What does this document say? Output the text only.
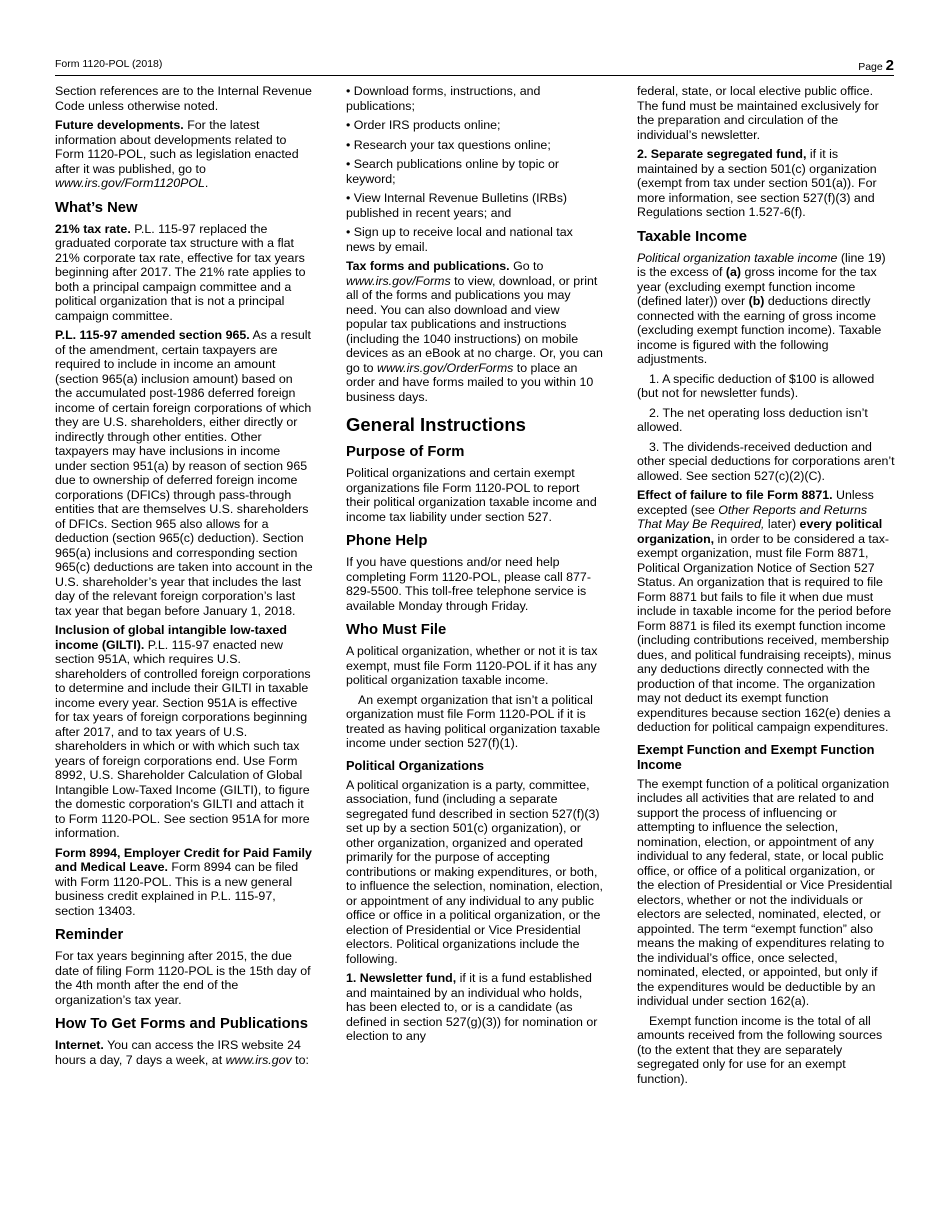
Form 1120-POL (2018)	Page 2

Section references are to the Internal Revenue Code unless otherwise noted.

Future developments. For the latest information about developments related to Form 1120-POL, such as legislation enacted after it was published, go to www.irs.gov/Form1120POL.

What’s New

21% tax rate. P.L. 115-97 replaced the graduated corporate tax structure with a flat 21% corporate tax rate, effective for tax years beginning after 2017. The 21% rate applies to both a principal campaign committee and a political organization that is not a principal campaign committee.

P.L. 115-97 amended section 965. As a result of the amendment, certain taxpayers are required to include in income an amount (section 965(a) inclusion amount) based on the accumulated post-1986 deferred foreign income of certain foreign corporations of which they are U.S. shareholders, either directly or indirectly through other entities. Other taxpayers may have inclusions in income under section 951(a) by reason of section 965 due to ownership of deferred foreign income corporations (DFICs) through pass-through entities that are themselves U.S. shareholders of DFICs. Section 965 also allows for a deduction (section 965(c) deduction). Section 965(a) inclusions and corresponding section 965(c) deductions are taken into account in the U.S. shareholder’s year that includes the last day of the relevant foreign corporation’s last tax year that began before January 1, 2018.

Inclusion of global intangible low-taxed income (GILTI). P.L. 115-97 enacted new section 951A, which requires U.S. shareholders of controlled foreign corporations to determine and include their GILTI in taxable income every year. Section 951A is effective for tax years of foreign corporations beginning after 2017, and to tax years of U.S. shareholders in which or with which such tax years of foreign corporations end. Use Form 8992, U.S. Shareholder Calculation of Global Intangible Low-Taxed Income (GILTI), to figure the domestic corporation's GILTI and attach it to Form 1120-POL. See section 951A for more information.

Form 8994, Employer Credit for Paid Family and Medical Leave. Form 8994 can be filed with Form 1120-POL. This is a new general business credit explained in P.L. 115-97, section 13403.

Reminder

For tax years beginning after 2015, the due date of filing Form 1120-POL is the 15th day of the 4th month after the end of the organization’s tax year.

How To Get Forms and Publications

Internet. You can access the IRS website 24 hours a day, 7 days a week, at www.irs.gov to:

• Download forms, instructions, and publications;

• Order IRS products online;

• Research your tax questions online;

• Search publications online by topic or keyword;

• View Internal Revenue Bulletins (IRBs) published in recent years; and

• Sign up to receive local and national tax news by email.

Tax forms and publications. Go to www.irs.gov/Forms to view, download, or print all of the forms and publications you may need. You can also download and view popular tax publications and instructions (including the 1040 instructions) on mobile devices as an eBook at no charge. Or, you can go to www.irs.gov/OrderForms to place an order and have forms mailed to you within 10 business days.

General Instructions
Purpose of Form

Political organizations and certain exempt organizations file Form 1120-POL to report their political organization taxable income and income tax liability under section 527.

Phone Help

If you have questions and/or need help completing Form 1120-POL, please call 877-829-5500. This toll-free telephone service is available Monday through Friday.

Who Must File

A political organization, whether or not it is tax exempt, must file Form 1120-POL if it has any political organization taxable income.

An exempt organization that isn’t a political organization must file Form 1120-POL if it is treated as having political organization taxable income under section 527(f)(1).

Political Organizations

A political organization is a party, committee, association, fund (including a separate segregated fund described in section 527(f)(3) set up by a section 501(c) organization), or other organization, organized and operated primarily for the purpose of accepting contributions or making expenditures, or both, to influence the selection, nomination, election, or appointment of any individual to any public office or office in a political organization, or the election of Presidential or Vice Presidential electors. Political organizations include the following.

1. Newsletter fund, if it is a fund established and maintained by an individual who holds, has been elected to, or is a candidate (as defined in section 527(g)(3)) for nomination or election to any

federal, state, or local elective public office. The fund must be maintained exclusively for the preparation and circulation of the individual’s newsletter.

2. Separate segregated fund, if it is maintained by a section 501(c) organization (exempt from tax under section 501(a)). For more information, see section 527(f)(3) and Regulations section 1.527-6(f).

Taxable Income

Political organization taxable income (line 19) is the excess of (a) gross income for the tax year (excluding exempt function income (defined later)) over (b) deductions directly connected with the earning of gross income (excluding exempt function income). Taxable income is figured with the following adjustments.

1. A specific deduction of $100 is allowed (but not for newsletter funds).

2. The net operating loss deduction isn’t allowed.

3. The dividends-received deduction and other special deductions for corporations aren’t allowed. See section 527(c)(2)(C).

Effect of failure to file Form 8871. Unless excepted (see Other Reports and Returns That May Be Required, later) every political organization, in order to be considered a tax-exempt organization, must file Form 8871, Political Organization Notice of Section 527 Status. An organization that is required to file Form 8871 but fails to file it when due must include in taxable income for the period before Form 8871 is filed its exempt function income (including contributions received, membership dues, and political fundraising receipts), minus any deductions directly connected with the production of that income. The organization may not deduct its exempt function expenditures because section 162(e) denies a deduction for political campaign expenditures.

Exempt Function and Exempt Function Income

The exempt function of a political organization includes all activities that are related to and support the process of influencing or attempting to influence the selection, nomination, election, or appointment of any individual to any federal, state, or local public office, or office of a political organization, or the election of Presidential or Vice Presidential electors, whether or not the individuals or electors are selected, nominated, elected, or appointed. The term “exempt function” also means the making of expenditures relating to the individual’s office, once selected, nominated, elected, or appointed, but only if the expenditures would be deductible by an individual under section 162(a).

Exempt function income is the total of all amounts received from the following sources (to the extent that they are separately segregated only for use for an exempt function).
